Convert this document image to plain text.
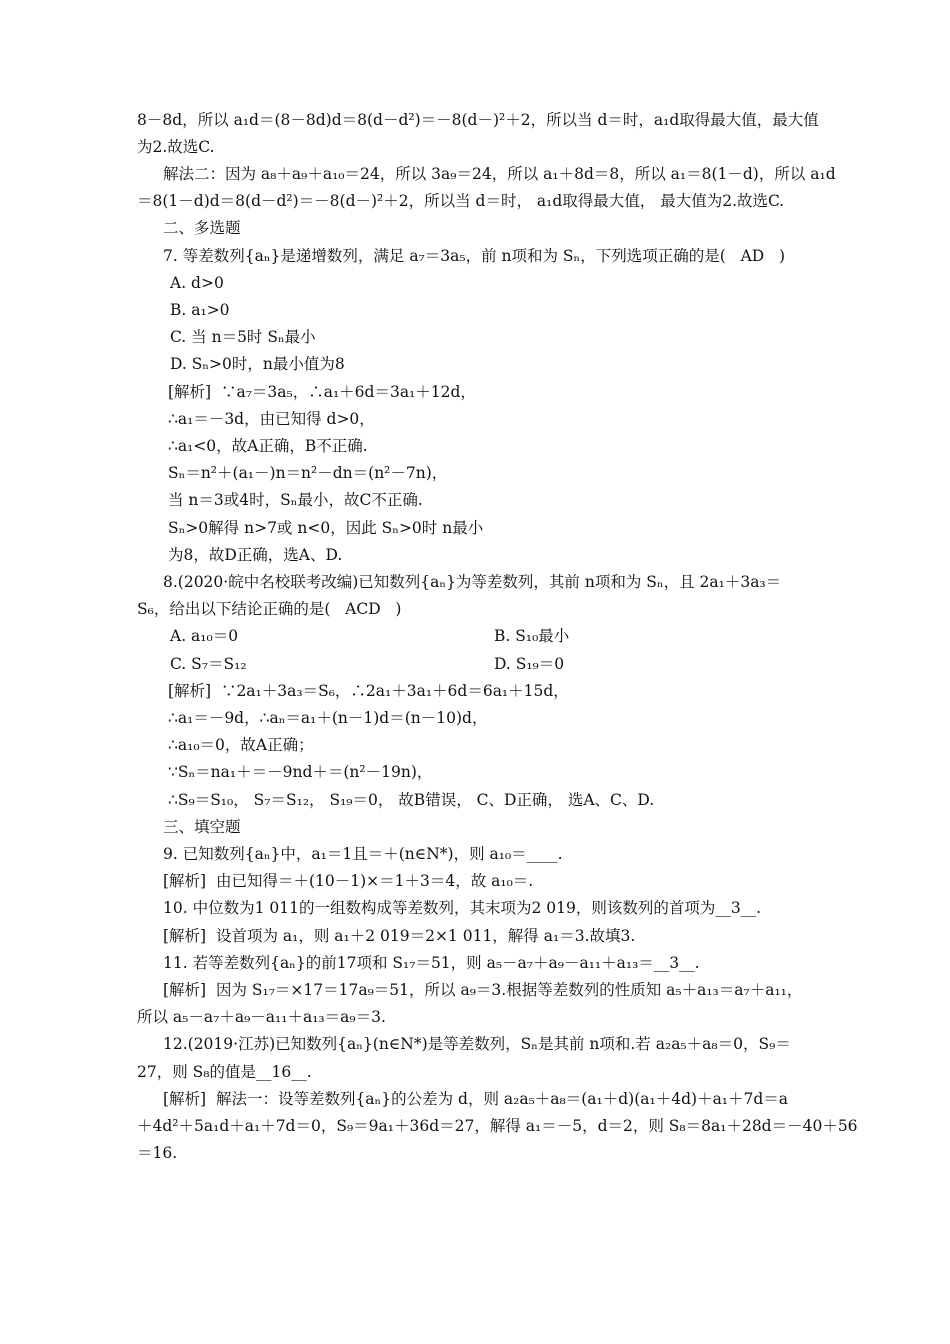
8－8d，所以 a₁d＝(8－8d)d＝8(d－d²)＝－8(d－)²＋2，所以当 d＝时，a₁d取得最大值，最大值
为2.故选C.
解法二：因为 a₈＋a₉＋a₁₀＝24，所以 3a₉＝24，所以 a₁＋8d＝8，所以 a₁＝8(1－d)，所以 a₁d
＝8(1－d)d＝8(d－d²)＝－8(d－)²＋2，所以当 d＝时， a₁d取得最大值， 最大值为2.故选C.
二、多选题
7. 等差数列{aₙ}是递增数列，满足 a₇＝3a₅，前 n项和为 Sₙ，下列选项正确的是(   AD   )
A. d>0
B. a₁>0
C. 当 n＝5时 Sₙ最小
D. Sₙ>0时，n最小值为8
[解析]  ∵a₇＝3a₅，∴a₁＋6d＝3a₁＋12d，
∴a₁＝－3d，由已知得 d>0，
∴a₁<0，故A正确，B不正确.
Sₙ＝n²＋(a₁－)n＝n²－dn＝(n²－7n)，
当 n＝3或4时，Sₙ最小，故C不正确.
Sₙ>0解得 n>7或 n<0，因此 Sₙ>0时 n最小
为8，故D正确，选A、D.
8.(2020·皖中名校联考改编)已知数列{aₙ}为等差数列，其前 n项和为 Sₙ，且 2a₁＋3a₃＝
S₆，给出以下结论正确的是(   ACD   )
A. a₁₀＝0	B. S₁₀最小
C. S₇＝S₁₂	D. S₁₉＝0
[解析]  ∵2a₁＋3a₃＝S₆，∴2a₁＋3a₁＋6d＝6a₁＋15d，
∴a₁＝－9d，∴aₙ＝a₁＋(n－1)d＝(n－10)d，
∴a₁₀＝0，故A正确；
∵Sₙ＝na₁＋＝－9nd＋＝(n²－19n)，
∴S₉＝S₁₀， S₇＝S₁₂， S₁₉＝0， 故B错误， C、D正确， 选A、C、D.
三、填空题
9. 已知数列{aₙ}中，a₁＝1且＝＋(n∈N*)，则 a₁₀＝____.
[解析]  由已知得＝＋(10－1)×＝1＋3＝4，故 a₁₀＝.
10. 中位数为1 011的一组数构成等差数列，其末项为2 019，则该数列的首项为__3__.
[解析]  设首项为 a₁，则 a₁＋2 019＝2×1 011，解得 a₁＝3.故填3.
11. 若等差数列{aₙ}的前17项和 S₁₇＝51，则 a₅－a₇＋a₉－a₁₁＋a₁₃＝__3__.
[解析]  因为 S₁₇＝×17＝17a₉＝51，所以 a₉＝3.根据等差数列的性质知 a₅＋a₁₃＝a₇＋a₁₁，
所以 a₅－a₇＋a₉－a₁₁＋a₁₃＝a₉＝3.
12.(2019·江苏)已知数列{aₙ}(n∈N*)是等差数列，Sₙ是其前 n项和.若 a₂a₅＋a₈＝0，S₉＝
27，则 S₈的值是__16__.
[解析]  解法一：设等差数列{aₙ}的公差为 d，则 a₂a₅＋a₈＝(a₁＋d)(a₁＋4d)＋a₁＋7d＝a
＋4d²＋5a₁d＋a₁＋7d＝0，S₉＝9a₁＋36d＝27，解得 a₁＝－5，d＝2，则 S₈＝8a₁＋28d＝－40＋56
＝16.
